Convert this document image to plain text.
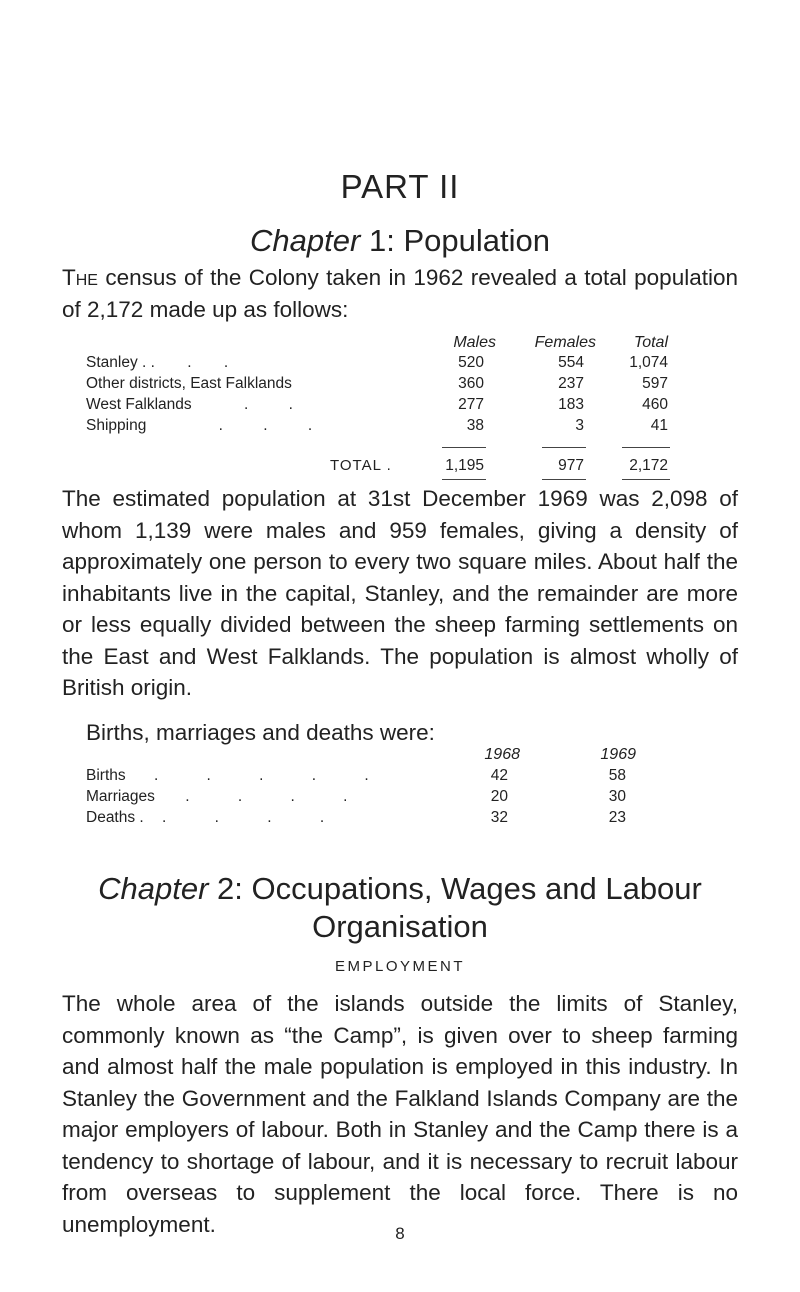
PART II
Chapter 1: Population

The census of the Colony taken in 1962 revealed a total population of 2,172 made up as follows:

Males	Females	Total
Stanley . . . .	520	554	1,074
Other districts, East Falklands	360	237	597
West Falklands	. .	277	183	460
Shipping	. . .	38	3	41
TOTAL .	1,195	977	2,172

The estimated population at 31st December 1969 was 2,098 of whom 1,139 were males and 959 females, giving a density of approximately one person to every two square miles. About half the inhabitants live in the capital, Stanley, and the remainder are more or less equally divided between the sheep farming settlements on the East and West Falklands. The population is almost wholly of British origin.

Births, marriages and deaths were:

1968	1969
Births . . . . .	42	58
Marriages . . . .	20	30
Deaths . . . . .	32	23
Chapter 2: Occupations, Wages and Labour
Organisation
EMPLOYMENT

The whole area of the islands outside the limits of Stanley, commonly known as “the Camp”, is given over to sheep farming and almost half the male population is employed in this industry. In Stanley the Government and the Falkland Islands Company are the major employers of labour. Both in Stanley and the Camp there is a tendency to shortage of labour, and it is necessary to recruit labour from overseas to supplement the local force. There is no unemployment.	8
